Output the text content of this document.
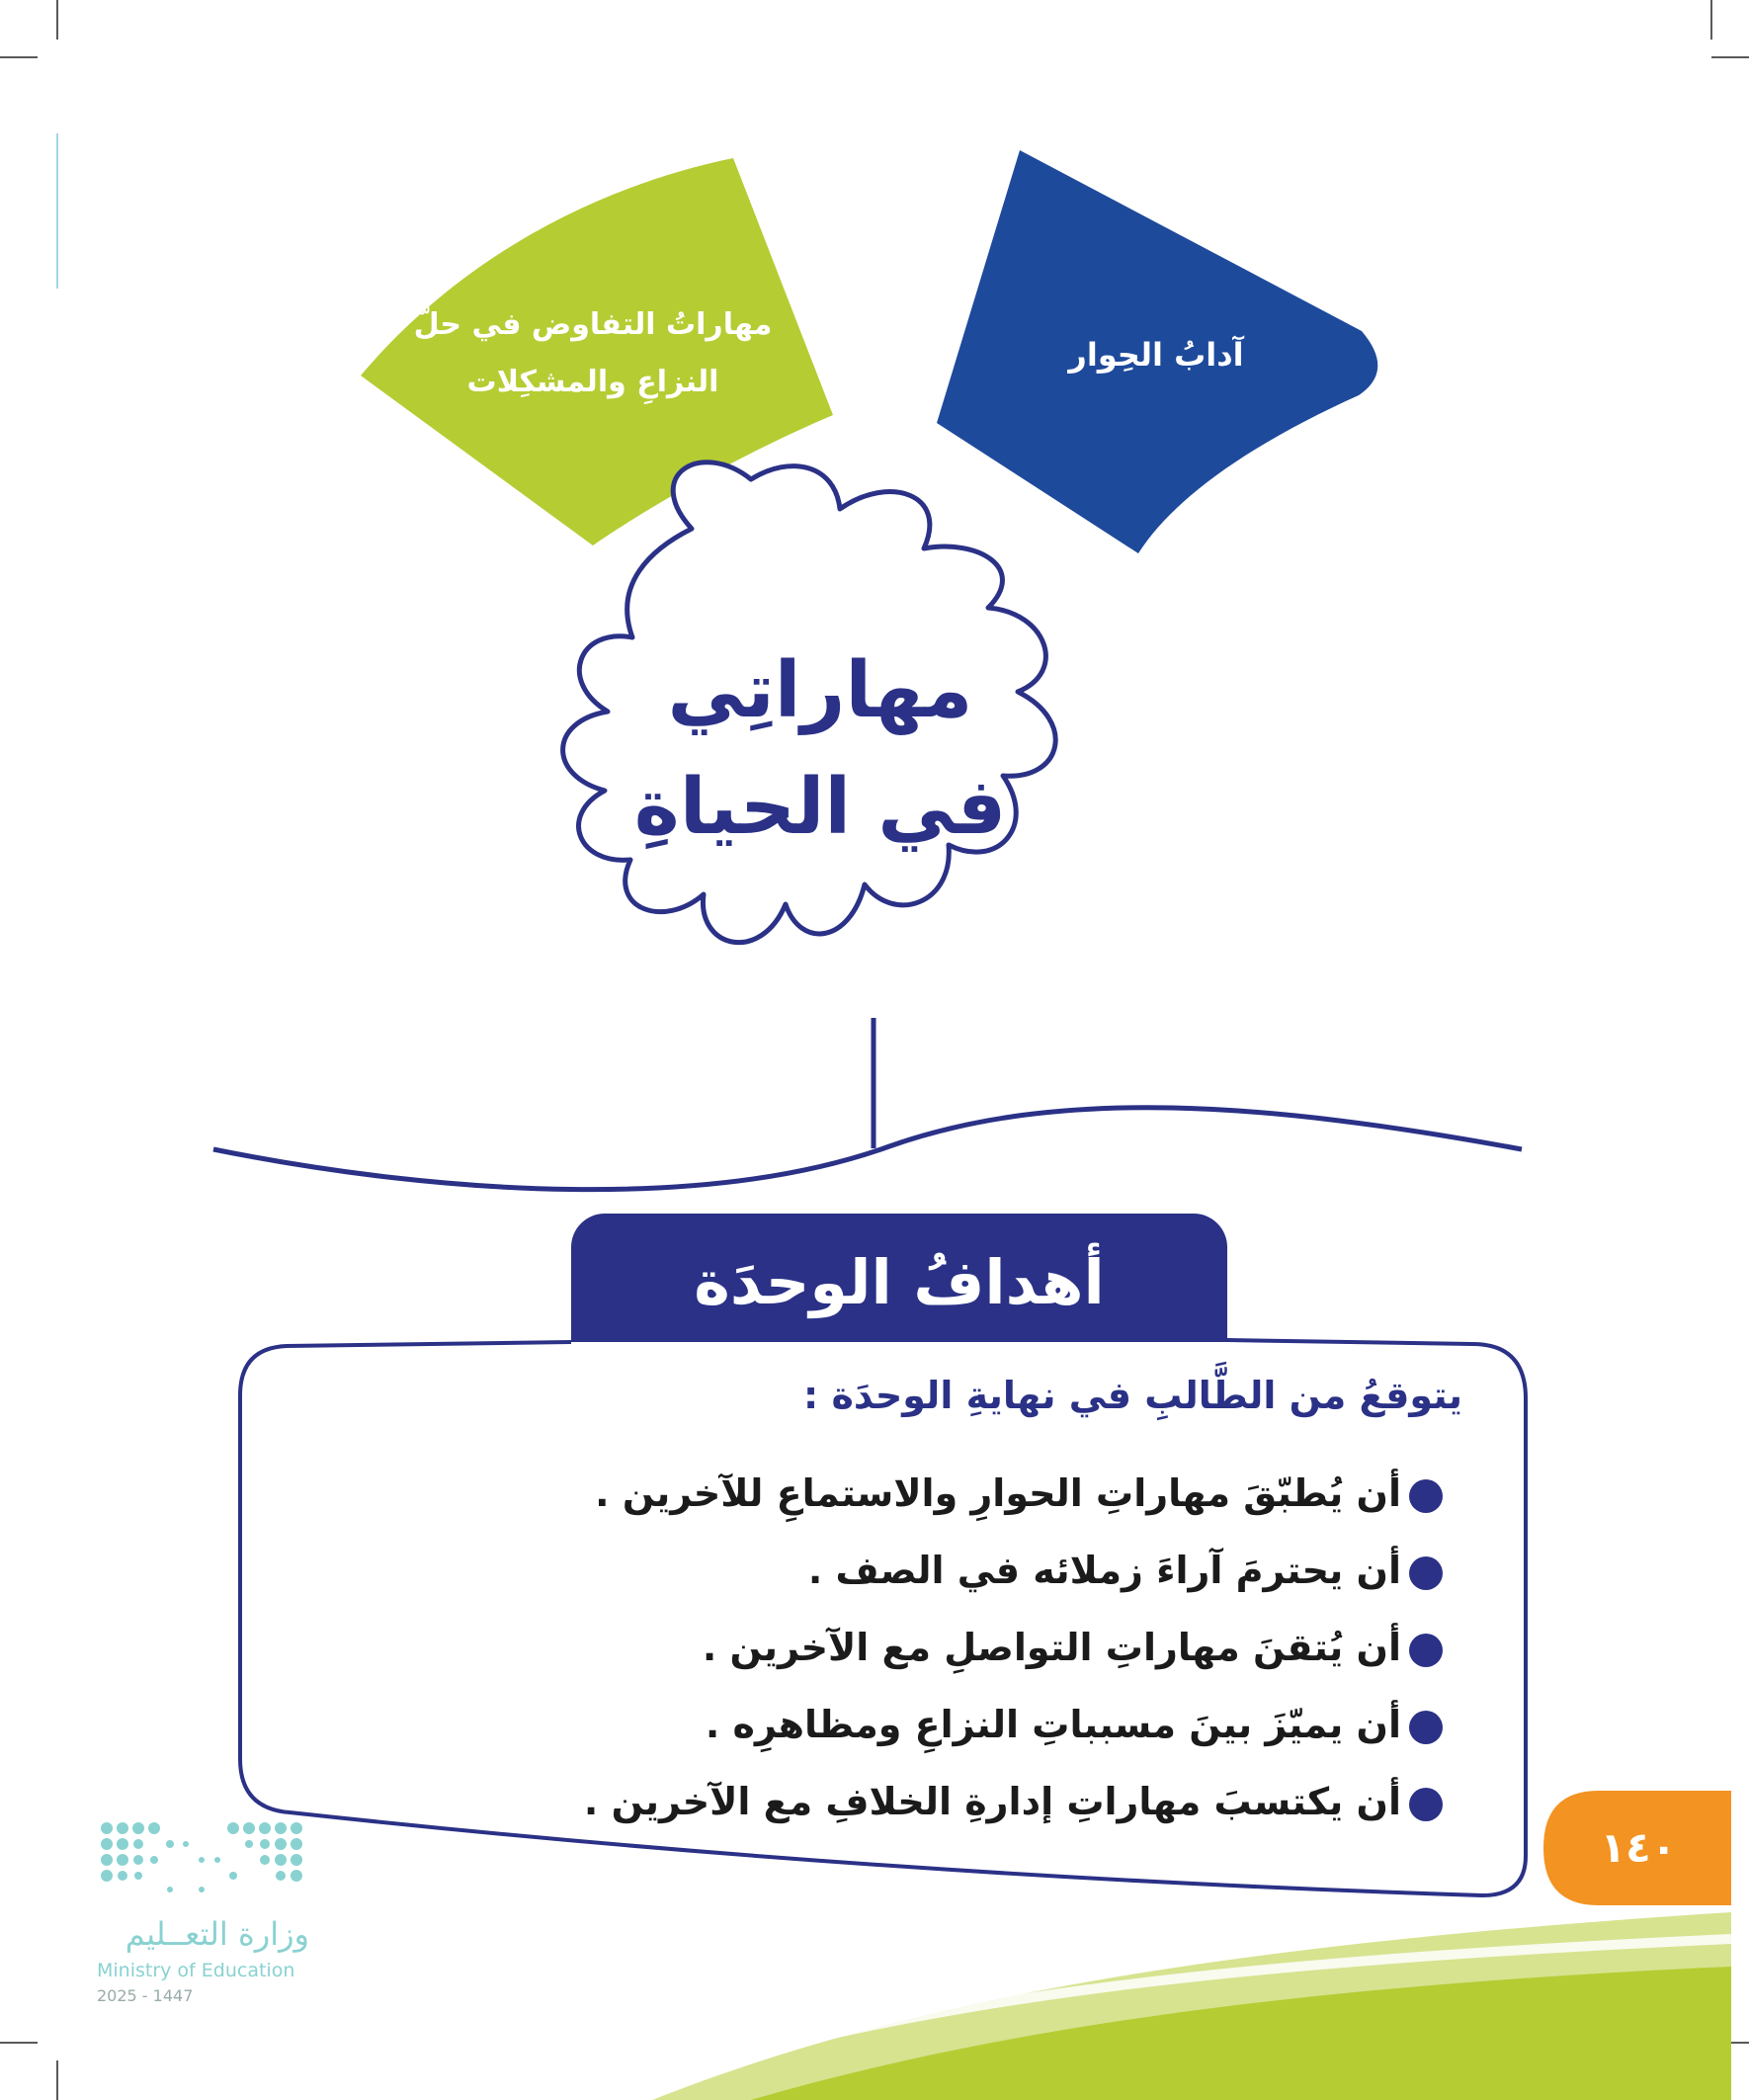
مهاراتُ التفاوض في حلّ
النزاعِ والمشكِلات
آدابُ الحِوار
مهاراتِي
في الحياةِ
أهدافُ الوحدَة
يتوقعُ من الطَّالبِ في نهايةِ الوحدَة :
أن يُطبّقَ مهاراتِ الحوارِ والاستماعِ للآخرين .
أن يحترمَ آراءَ زملائه في الصف .
أن يُتقنَ مهاراتِ التواصلِ مع الآخرين .
أن يميّزَ بينَ مسبباتِ النزاعِ ومظاهرِه .
أن يكتسبَ مهاراتِ إدارةِ الخلافِ مع الآخرين .
١٤٠
وزارة التعــليم
Ministry of Education
2025 - 1447
